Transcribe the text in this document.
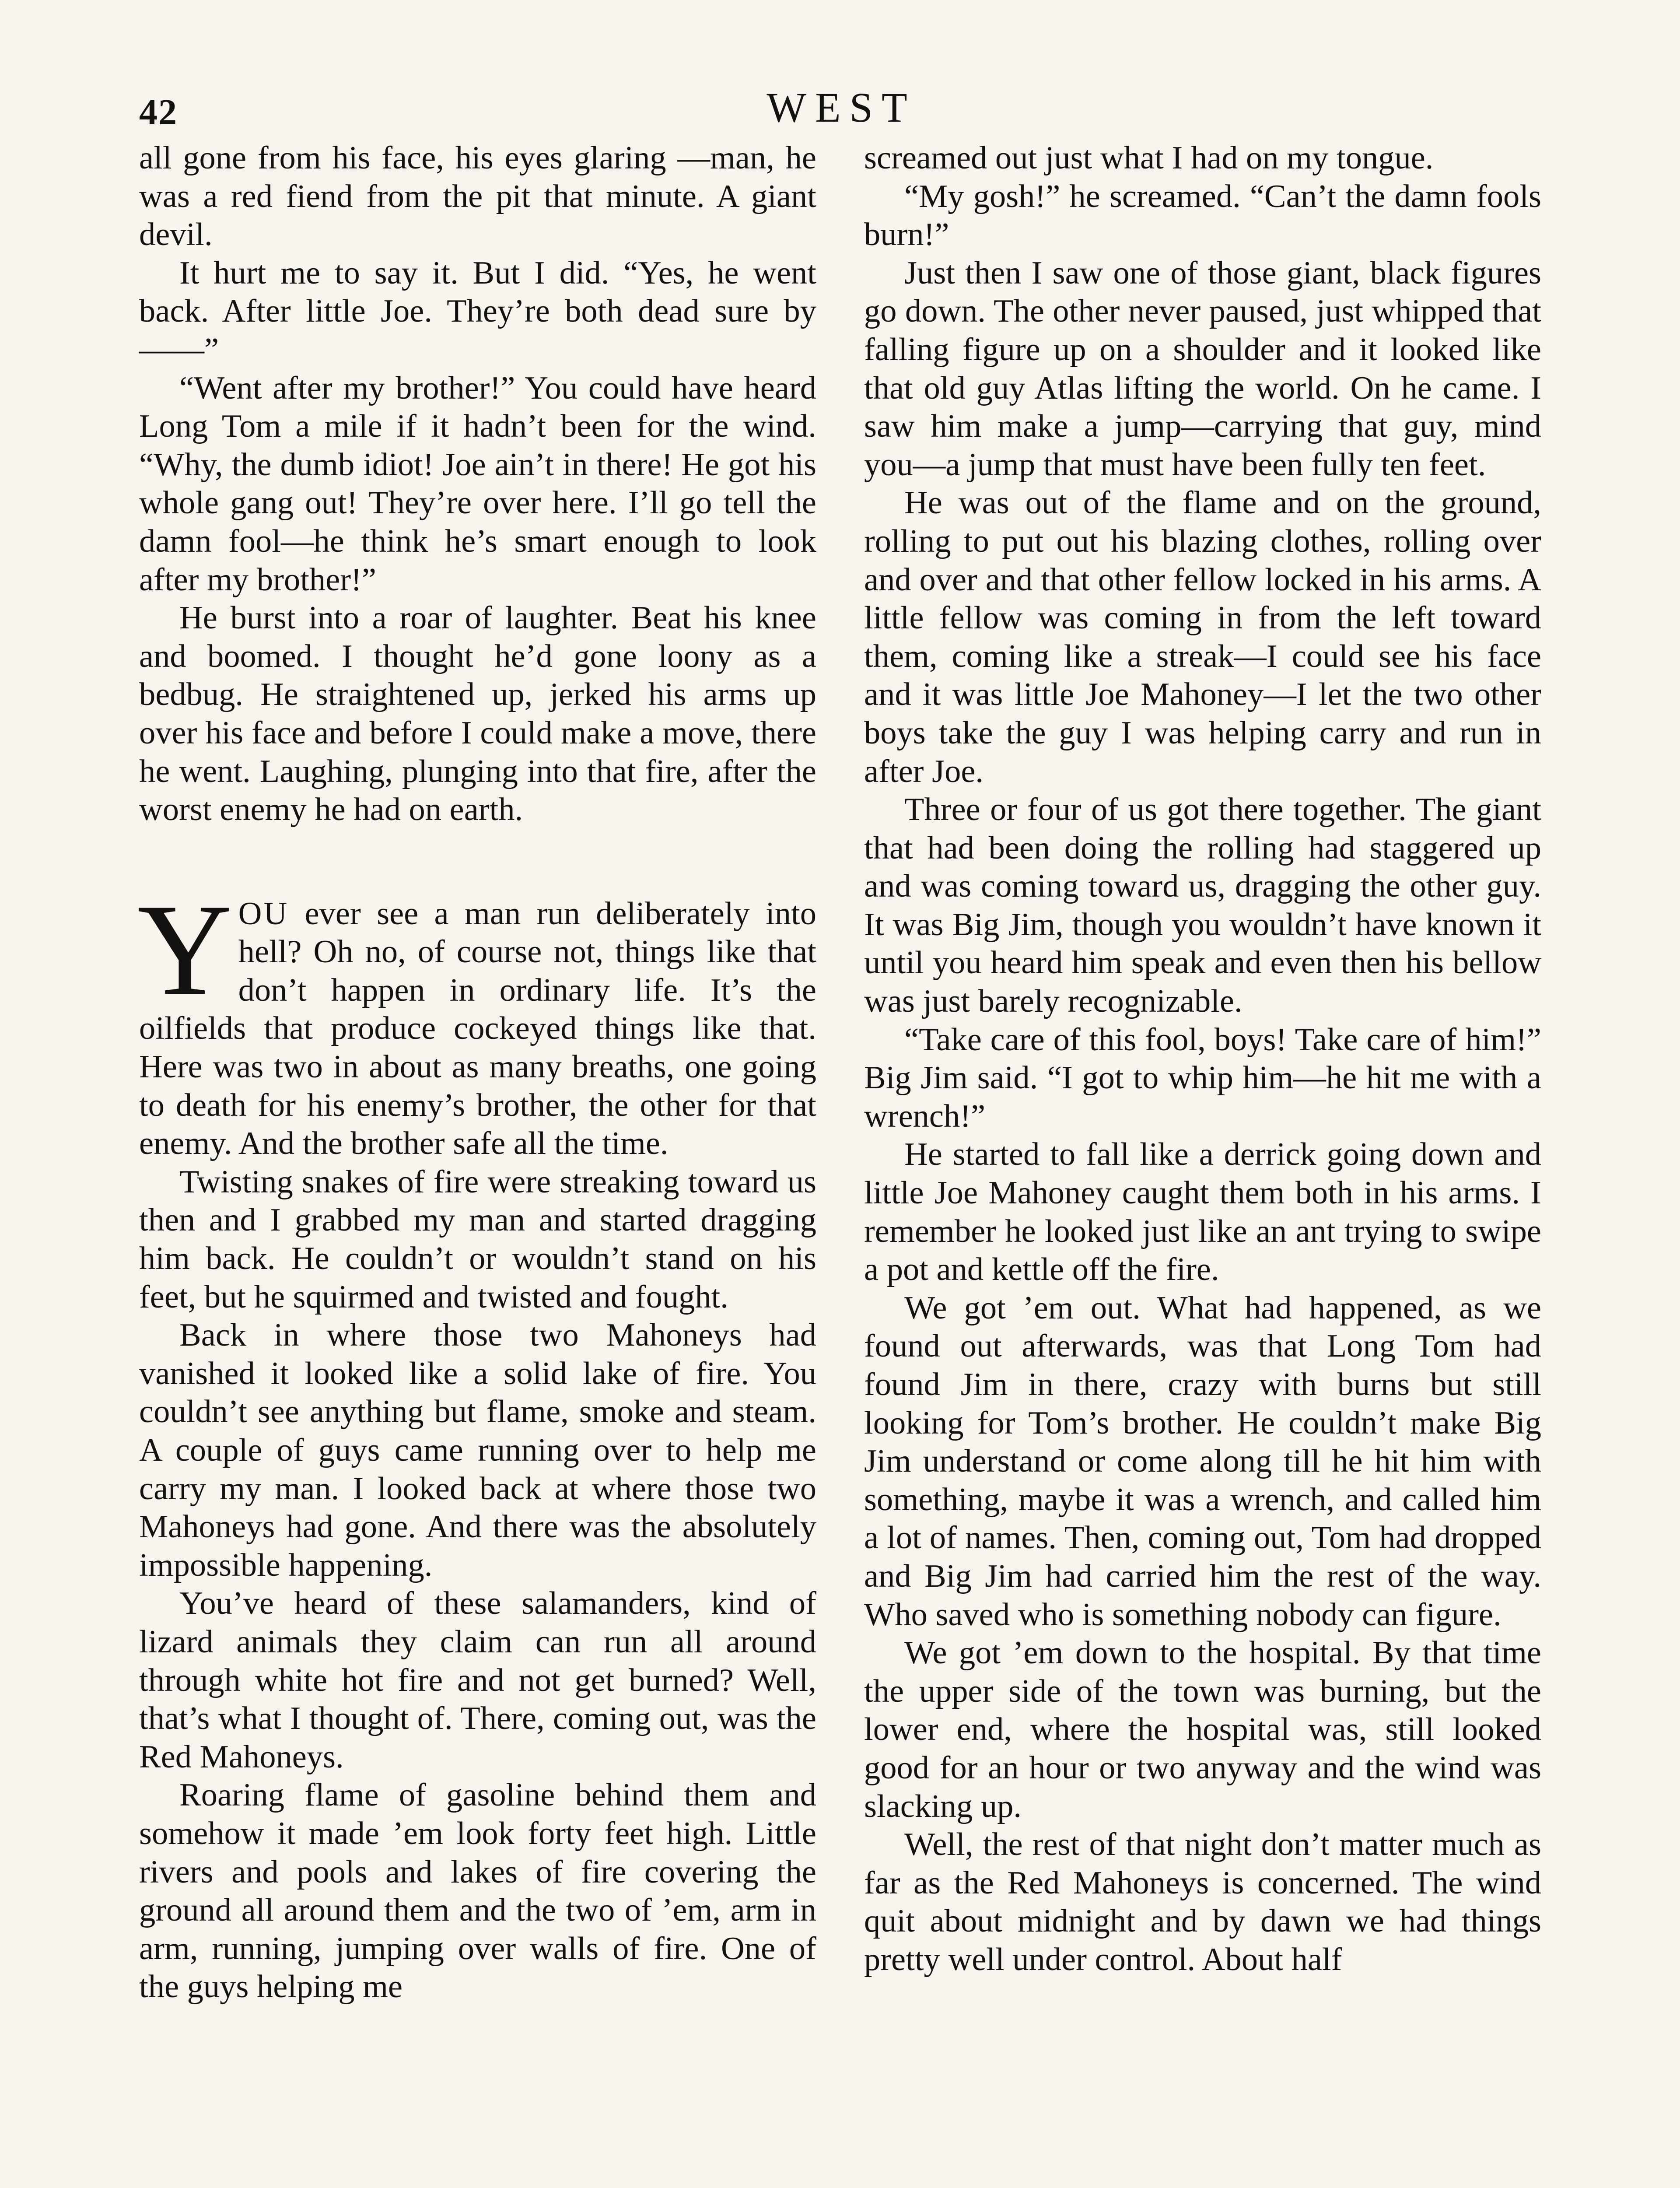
42	WEST

all gone from his face, his eyes glaring —man, he was a red fiend from the pit that minute. A giant devil.

It hurt me to say it. But I did. “Yes, he went back. After little Joe. They’re both dead sure by——”

“Went after my brother!” You could have heard Long Tom a mile if it hadn’t been for the wind. “Why, the dumb idiot! Joe ain’t in there! He got his whole gang out! They’re over here. I’ll go tell the damn fool—he think he’s smart enough to look after my brother!”

He burst into a roar of laughter. Beat his knee and boomed. I thought he’d gone loony as a bedbug. He straightened up, jerked his arms up over his face and before I could make a move, there he went. Laughing, plunging into that fire, after the worst enemy he had on earth.

YOU ever see a man run deliberately into hell? Oh no, of course not, things like that don’t happen in ordinary life. It’s the oilfields that produce cockeyed things like that. Here was two in about as many breaths, one going to death for his enemy’s brother, the other for that enemy. And the brother safe all the time.

Twisting snakes of fire were streaking toward us then and I grabbed my man and started dragging him back. He couldn’t or wouldn’t stand on his feet, but he squirmed and twisted and fought.

Back in where those two Mahoneys had vanished it looked like a solid lake of fire. You couldn’t see anything but flame, smoke and steam. A couple of guys came running over to help me carry my man. I looked back at where those two Mahoneys had gone. And there was the absolutely impossible happening.

You’ve heard of these salamanders, kind of lizard animals they claim can run all around through white hot fire and not get burned? Well, that’s what I thought of. There, coming out, was the Red Mahoneys.

Roaring flame of gasoline behind them and somehow it made ’em look forty feet high. Little rivers and pools and lakes of fire covering the ground all around them and the two of ’em, arm in arm, running, jumping over walls of fire. One of the guys helping me

screamed out just what I had on my tongue.

“My gosh!” he screamed. “Can’t the damn fools burn!”

Just then I saw one of those giant, black figures go down. The other never paused, just whipped that falling figure up on a shoulder and it looked like that old guy Atlas lifting the world. On he came. I saw him make a jump—carrying that guy, mind you—a jump that must have been fully ten feet.

He was out of the flame and on the ground, rolling to put out his blazing clothes, rolling over and over and that other fellow locked in his arms. A little fellow was coming in from the left toward them, coming like a streak—I could see his face and it was little Joe Mahoney—I let the two other boys take the guy I was helping carry and run in after Joe.

Three or four of us got there together. The giant that had been doing the rolling had staggered up and was coming toward us, dragging the other guy. It was Big Jim, though you wouldn’t have known it until you heard him speak and even then his bellow was just barely recognizable.

“Take care of this fool, boys! Take care of him!” Big Jim said. “I got to whip him—he hit me with a wrench!”

He started to fall like a derrick going down and little Joe Mahoney caught them both in his arms. I remember he looked just like an ant trying to swipe a pot and kettle off the fire.

We got ’em out. What had happened, as we found out afterwards, was that Long Tom had found Jim in there, crazy with burns but still looking for Tom’s brother. He couldn’t make Big Jim understand or come along till he hit him with something, maybe it was a wrench, and called him a lot of names. Then, coming out, Tom had dropped and Big Jim had carried him the rest of the way. Who saved who is something nobody can figure.

We got ’em down to the hospital. By that time the upper side of the town was burning, but the lower end, where the hospital was, still looked good for an hour or two anyway and the wind was slacking up.

Well, the rest of that night don’t matter much as far as the Red Mahoneys is concerned. The wind quit about midnight and by dawn we had things pretty well under control. About half
